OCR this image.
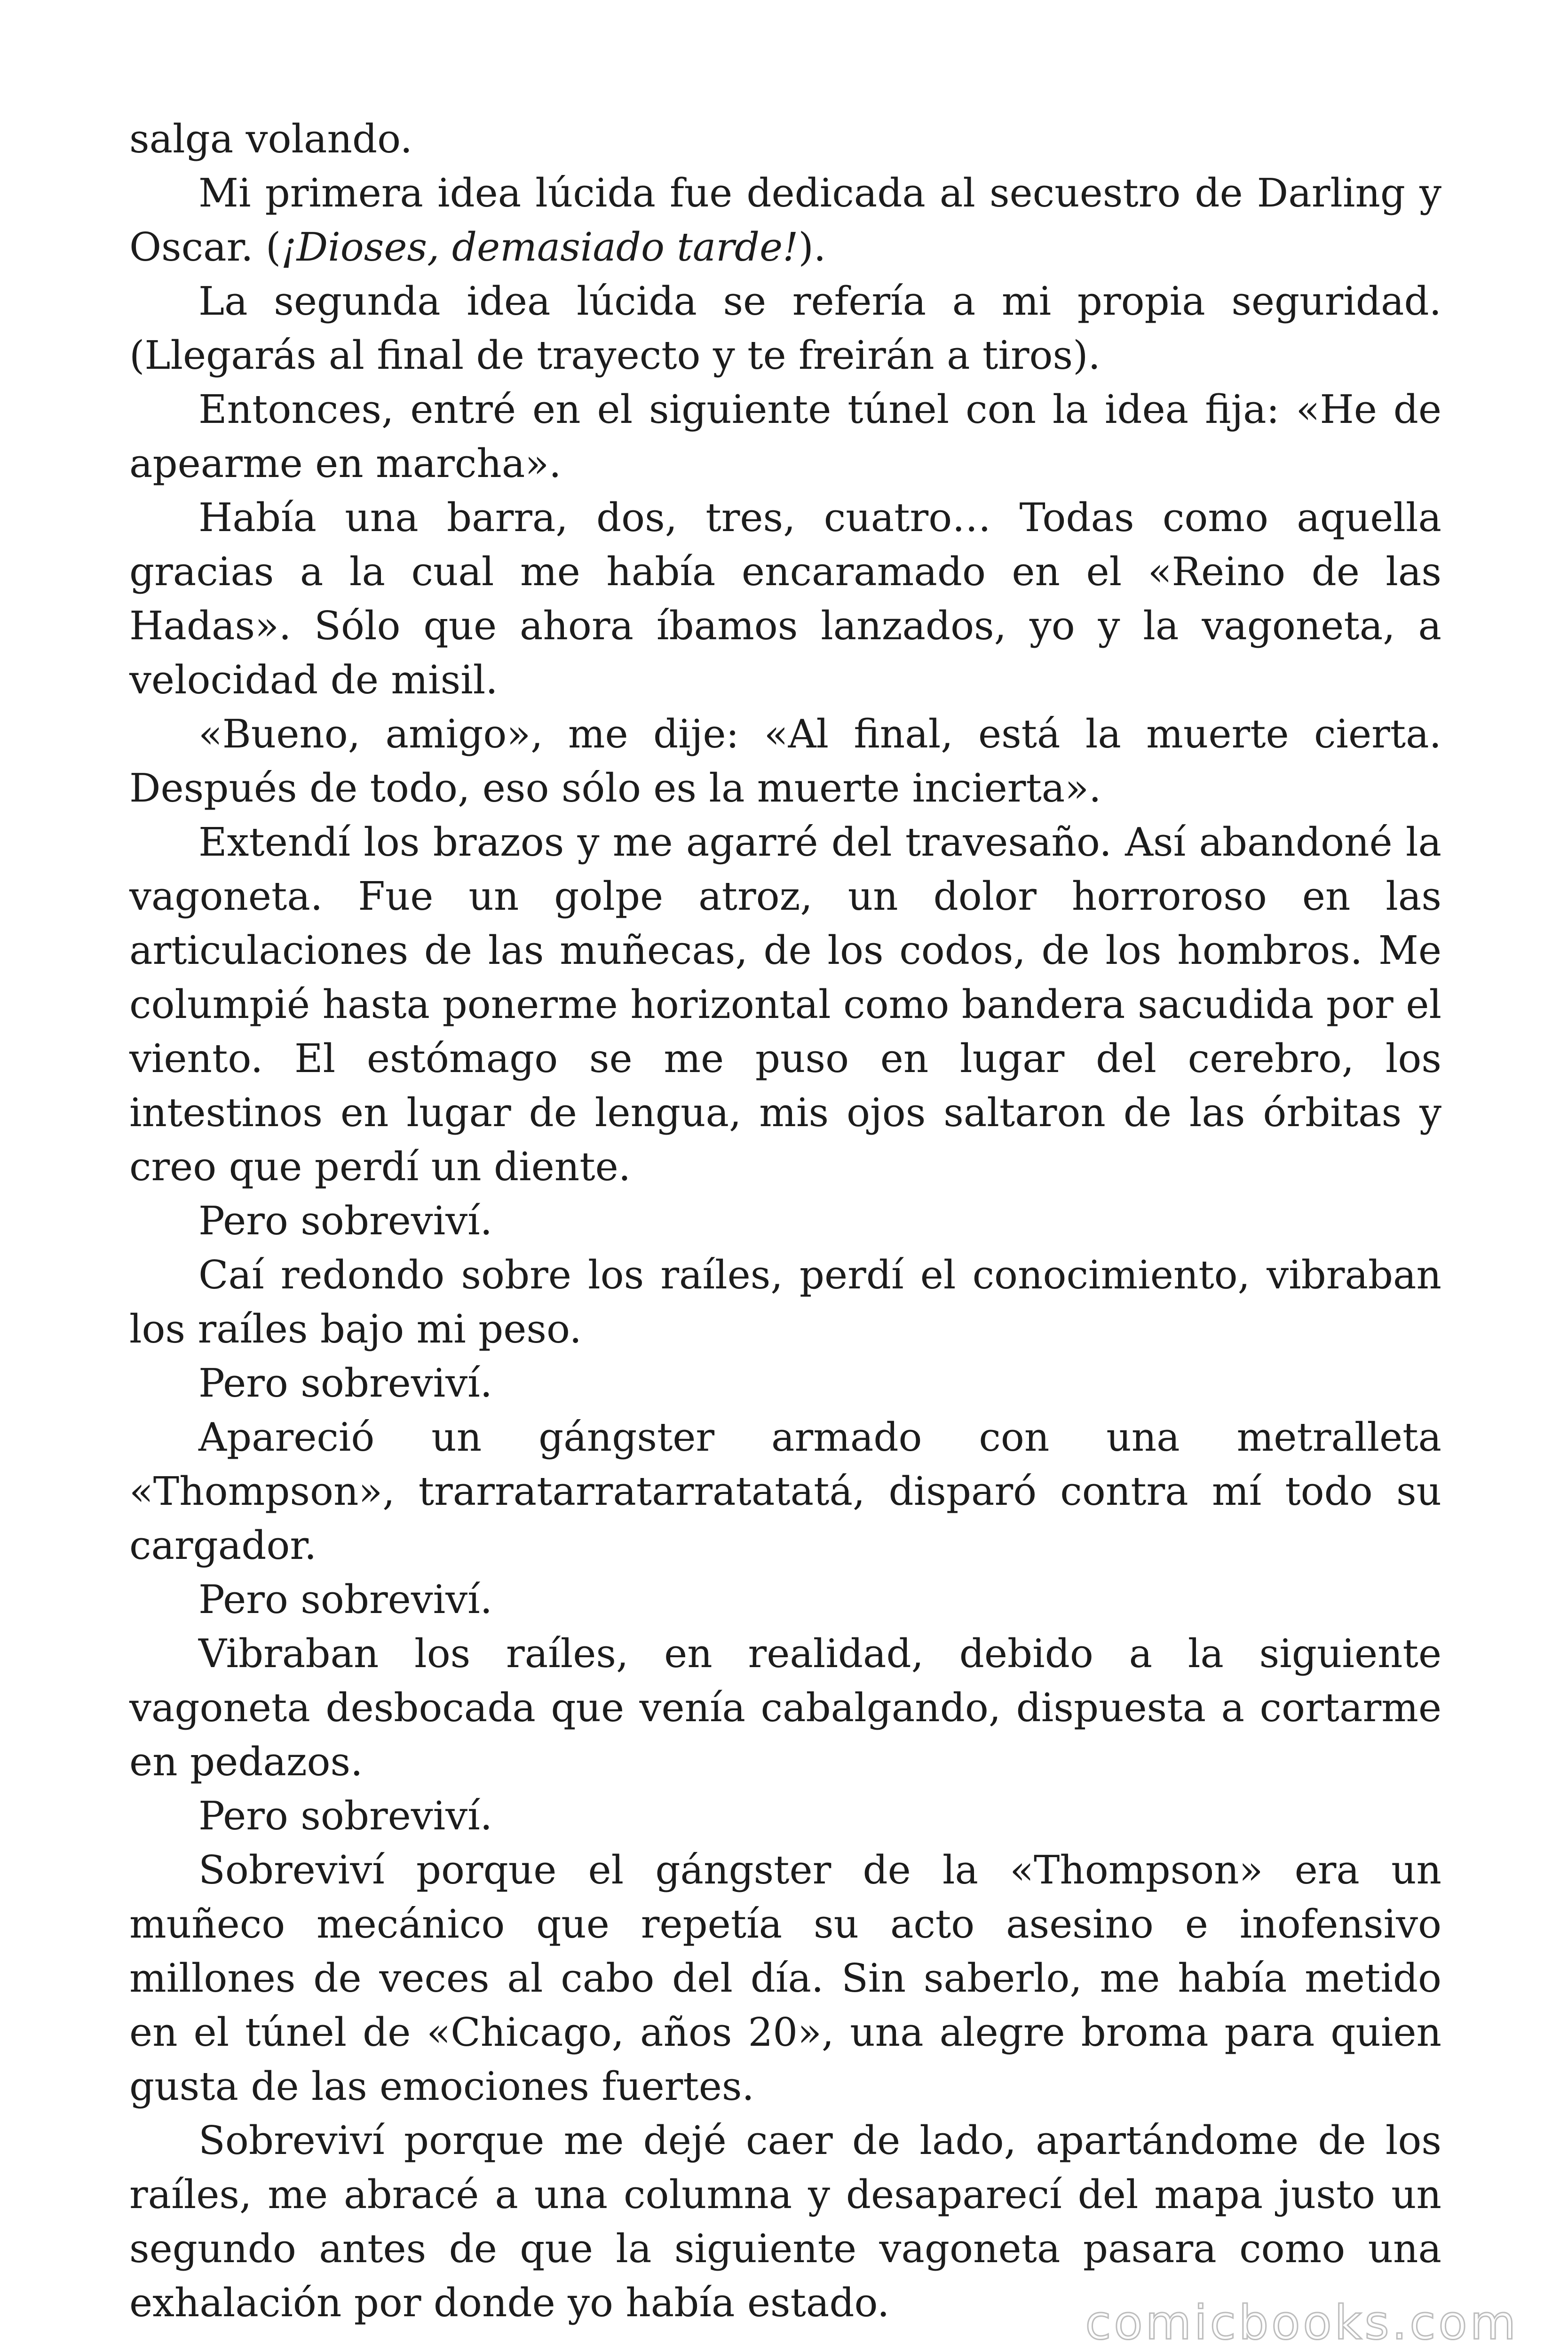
salga volando.

Mi primera idea lúcida fue dedicada al secuestro de Darling y Oscar. (¡Dioses, demasiado tarde!).

La segunda idea lúcida se refería a mi propia seguridad. (Llegarás al final de trayecto y te freirán a tiros).

Entonces, entré en el siguiente túnel con la idea fija: «He de apearme en marcha».

Había una barra, dos, tres, cuatro… Todas como aquella gracias a la cual me había encaramado en el «Reino de las Hadas». Sólo que ahora íbamos lanzados, yo y la vagoneta, a velocidad de misil.

«Bueno, amigo», me dije: «Al final, está la muerte cierta. Después de todo, eso sólo es la muerte incierta».

Extendí los brazos y me agarré del travesaño. Así abandoné la vagoneta. Fue un golpe atroz, un dolor horroroso en las articulaciones de las muñecas, de los codos, de los hombros. Me columpié hasta ponerme horizontal como bandera sacudida por el viento. El estómago se me puso en lugar del cerebro, los intestinos en lugar de lengua, mis ojos saltaron de las órbitas y creo que perdí un diente.

Pero sobreviví.

Caí redondo sobre los raíles, perdí el conocimiento, vibraban los raíles bajo mi peso.

Pero sobreviví.

Apareció un gángster armado con una metralleta «Thompson», trarratarratarratatatá, disparó contra mí todo su cargador.

Pero sobreviví.

Vibraban los raíles, en realidad, debido a la siguiente vagoneta desbocada que venía cabalgando, dispuesta a cortarme en pedazos.

Pero sobreviví.

Sobreviví porque el gángster de la «Thompson» era un muñeco mecánico que repetía su acto asesino e inofensivo millones de veces al cabo del día. Sin saberlo, me había metido en el túnel de «Chicago, años 20», una alegre broma para quien gusta de las emociones fuertes.

Sobreviví porque me dejé caer de lado, apartándome de los raíles, me abracé a una columna y desaparecí del mapa justo un segundo antes de que la siguiente vagoneta pasara como una exhalación por donde yo había estado.	comicbooks.com
